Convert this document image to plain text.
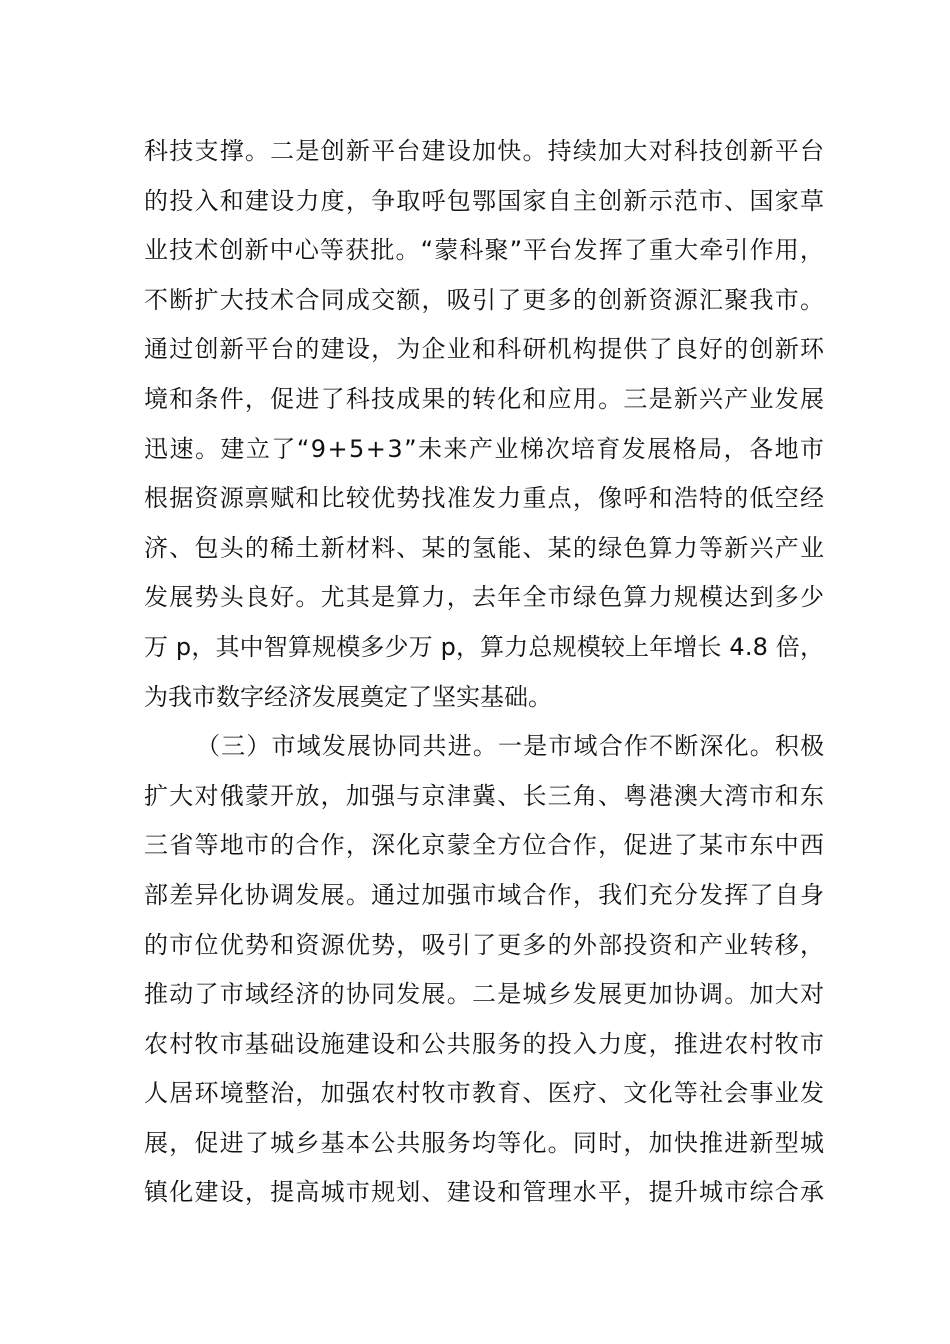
科技支撑。二是创新平台建设加快。持续加大对科技创新平台
的投入和建设力度，争取呼包鄂国家自主创新示范市、国家草
业技术创新中心等获批。“蒙科聚”平台发挥了重大牵引作用，
不断扩大技术合同成交额，吸引了更多的创新资源汇聚我市。
通过创新平台的建设，为企业和科研机构提供了良好的创新环
境和条件，促进了科技成果的转化和应用。三是新兴产业发展
迅速。建立了“9+5+3”未来产业梯次培育发展格局，各地市
根据资源禀赋和比较优势找准发力重点，像呼和浩特的低空经
济、包头的稀土新材料、某的氢能、某的绿色算力等新兴产业
发展势头良好。尤其是算力，去年全市绿色算力规模达到多少
万 p，其中智算规模多少万 p，算力总规模较上年增长 4.8 倍，
为我市数字经济发展奠定了坚实基础。
（三）市域发展协同共进。一是市域合作不断深化。积极
扩大对俄蒙开放，加强与京津冀、长三角、粤港澳大湾市和东
三省等地市的合作，深化京蒙全方位合作，促进了某市东中西
部差异化协调发展。通过加强市域合作，我们充分发挥了自身
的市位优势和资源优势，吸引了更多的外部投资和产业转移，
推动了市域经济的协同发展。二是城乡发展更加协调。加大对
农村牧市基础设施建设和公共服务的投入力度，推进农村牧市
人居环境整治，加强农村牧市教育、医疗、文化等社会事业发
展，促进了城乡基本公共服务均等化。同时，加快推进新型城
镇化建设，提高城市规划、建设和管理水平，提升城市综合承
